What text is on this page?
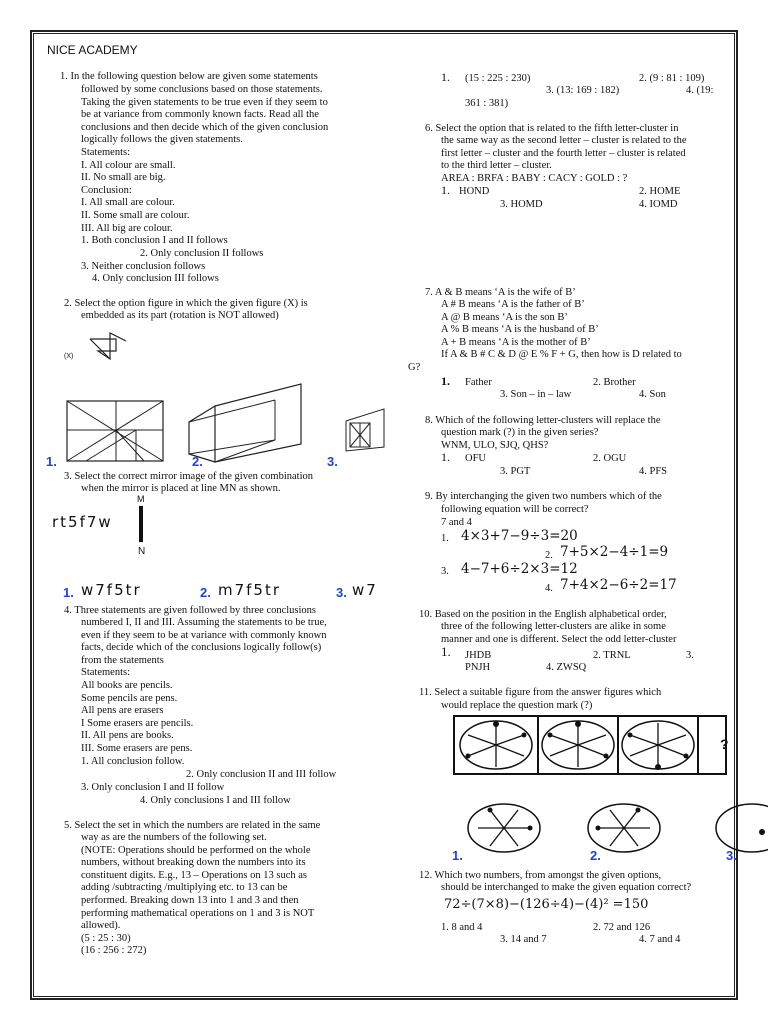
NICE ACADEMY
1. In the following question below are given some statements
followed by some conclusions based on those statements.
Taking the given statements to be true even if they seem to
be at variance from commonly known facts. Read all the
conclusions and then decide which of the given conclusion
logically follows the given statements.
Statements:
I. All colour are small.
II. No small are big.
Conclusion:
I. All small are colour.
II. Some small are colour.
III. All big are colour.
1. Both conclusion I and II follows
2. Only conclusion II follows
3. Neither conclusion follows
4. Only conclusion III follows
2. Select the option figure in which the given figure (X) is
embedded as its part (rotation is NOT allowed)
(X)
1.	2.	3.
3. Select the correct mirror image of the given combination
when the mirror is placed at line MN as shown.
M
N
rt5f7w
1. w7f5tr	2. m7f5tr	3. w7
4. Three statements are given followed by three conclusions
numbered I, II and III. Assuming the statements to be true,
even if they seem to be at variance with commonly known
facts, decide which of the conclusions logically follow(s)
from the statements
Statements:
All books are pencils.
Some pencils are pens.
All pens are erasers
I Some erasers are pencils.
II. All pens are books.
III. Some erasers are pens.
1. All conclusion follow.
2. Only conclusion II and III follow
3. Only conclusion I and II follow
4. Only conclusions I and III follow
5. Select the set in which the numbers are related in the same
way as are the numbers of the following set.
(NOTE: Operations should be performed on the whole
numbers, without breaking down the numbers into its
constituent digits. E.g., 13 – Operations on 13 such as
adding /subtracting /multiplying etc. to 13 can be
performed. Breaking down 13 into 1 and 3 and then
performing mathematical operations on 1 and 3 is NOT
allowed).
(5 : 25 : 30)
(16 : 256 : 272)
1. (15 : 225 : 230)	2. (9 : 81 : 109)
3. (13: 169 : 182)	4. (19:
361 : 381)
6. Select the option that is related to the fifth letter-cluster in
the same way as the second letter – cluster is related to the
first letter – cluster and the fourth letter – cluster is related
to the third letter – cluster.
AREA : BRFA : BABY : CACY : GOLD : ?
1. HOND	2. HOME
3. HOMD	4. IOMD
7. A & B means ‘A is the wife of B’
A # B means ‘A is the father of B’
A @ B means ‘A is the son B’
A % B means ‘A is the husband of B’
A + B means ‘A is the mother of B’
If A & B # C & D @ E % F + G, then how is D related to
G?
1. Father	2. Brother
3. Son – in – law	4. Son
8. Which of the following letter-clusters will replace the
question mark (?) in the given series?
WNM, ULO, SJQ, QHS?
1. OFU	2. OGU
3. PGT	4. PFS
9. By interchanging the given two numbers which of the
following equation will be correct?
7 and 4
1. 4×3+7−9÷3=20
2. 7+5×2−4÷1=9
3. 4−7+6÷2×3=12
4. 7+4×2−6÷2=17
10. Based on the position in the English alphabetical order,
three of the following letter-clusters are alike in some
manner and one is different. Select the odd letter-cluster
1. JHDB	2. TRNL	3.
PNJH	4. ZWSQ
11. Select a suitable figure from the answer figures which
would replace the question mark (?)
?
1.	2.	3.
12. Which two numbers, from amongst the given options,
should be interchanged to make the given equation correct?
72÷(7×8)−(126÷4)−(4)² =150
1. 8 and 4	2. 72 and 126
3. 14 and 7	4. 7 and 4
